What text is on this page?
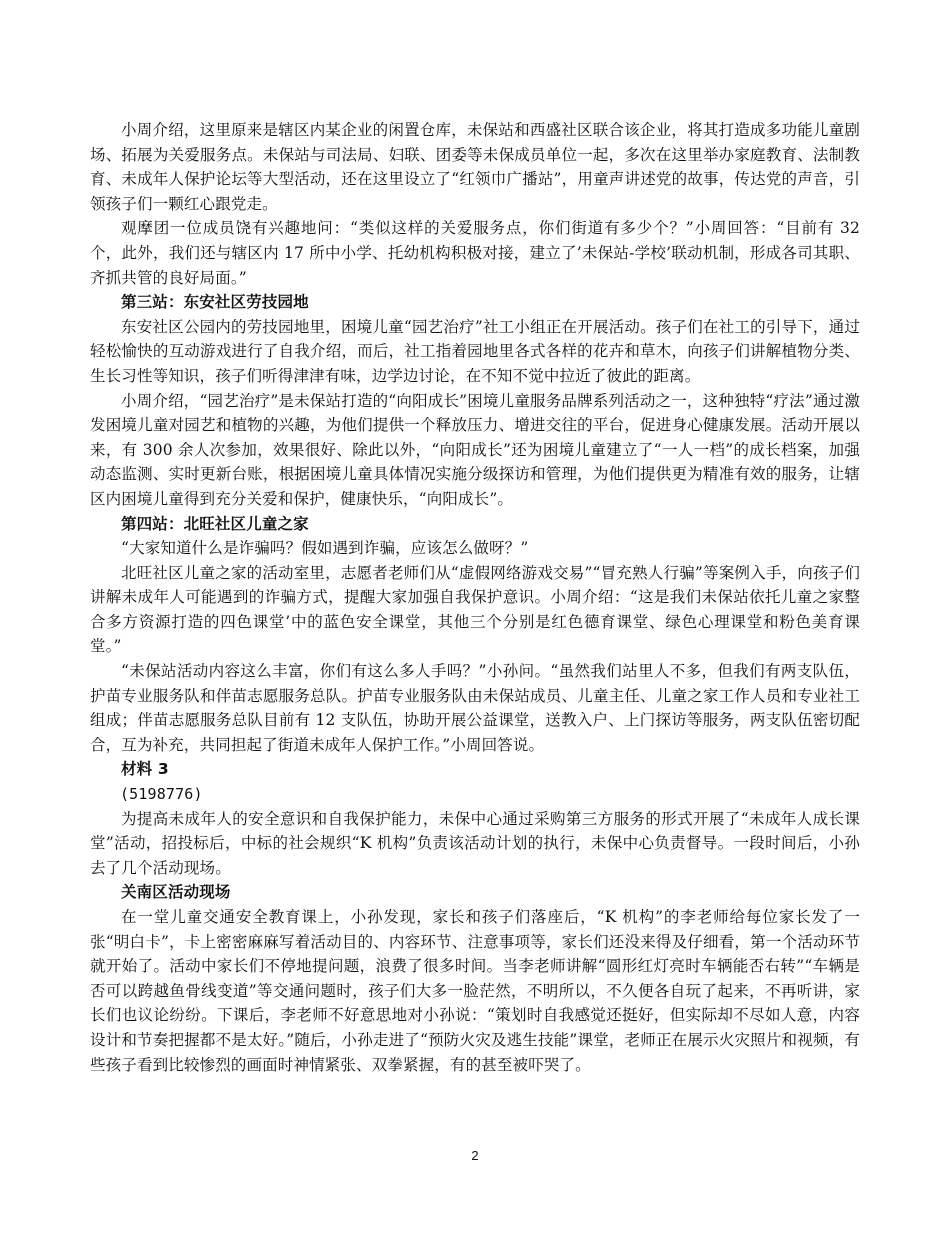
小周介绍，这里原来是辖区内某企业的闲置仓库，未保站和西盛社区联合该企业，将其打造成多功能儿童剧场、拓展为关爱服务点。未保站与司法局、妇联、团委等未保成员单位一起，多次在这里举办家庭教育、法制教育、未成年人保护论坛等大型活动，还在这里设立了“红领巾广播站”，用童声讲述党的故事，传达党的声音，引领孩子们一颗红心跟党走。

观摩团一位成员饶有兴趣地问：“类似这样的关爱服务点，你们街道有多少个？”小周回答：“目前有 32 个，此外，我们还与辖区内 17 所中小学、托幼机构积极对接，建立了’未保站-学校’联动机制，形成各司其职、齐抓共管的良好局面。”

第三站：东安社区劳技园地

东安社区公园内的劳技园地里，困境儿童“园艺治疗”社工小组正在开展活动。孩子们在社工的引导下，通过轻松愉快的互动游戏进行了自我介绍，而后，社工指着园地里各式各样的花卉和草木，向孩子们讲解植物分类、生长习性等知识，孩子们听得津津有味，边学边讨论，在不知不觉中拉近了彼此的距离。

小周介绍，“园艺治疗”是未保站打造的“向阳成长”困境儿童服务品牌系列活动之一，这种独特“疗法”通过激发困境儿童对园艺和植物的兴趣，为他们提供一个释放压力、增进交往的平台，促进身心健康发展。活动开展以来，有 300 余人次参加，效果很好、除此以外，“向阳成长”还为困境儿童建立了“一人一档”的成长档案，加强动态监测、实时更新台账，根据困境儿童具体情况实施分级探访和管理，为他们提供更为精准有效的服务，让辖区内困境儿童得到充分关爱和保护，健康快乐，“向阳成长”。

第四站：北旺社区儿童之家

“大家知道什么是诈骗吗？假如遇到诈骗，应该怎么做呀？”

北旺社区儿童之家的活动室里，志愿者老师们从“虚假网络游戏交易”“冒充熟人行骗”等案例入手，向孩子们讲解未成年人可能遇到的诈骗方式，提醒大家加强自我保护意识。小周介绍：“这是我们未保站依托儿童之家整合多方资源打造的四色课堂’中的蓝色安全课堂，其他三个分别是红色德育课堂、绿色心理课堂和粉色美育课堂。”

“未保站活动内容这么丰富，你们有这么多人手吗？”小孙问。“虽然我们站里人不多，但我们有两支队伍，护苗专业服务队和伴苗志愿服务总队。护苗专业服务队由未保站成员、儿童主任、儿童之家工作人员和专业社工组成；伴苗志愿服务总队目前有 12 支队伍，协助开展公益课堂，送教入户、上门探访等服务，两支队伍密切配合，互为补充，共同担起了街道未成年人保护工作。”小周回答说。

材料 3

(5198776)

为提高未成年人的安全意识和自我保护能力，未保中心通过采购第三方服务的形式开展了“未成年人成长课堂”活动，招投标后，中标的社会规织“K 机构”负责该活动计划的执行，未保中心负责督导。一段时间后，小孙去了几个活动现场。

关南区活动现场

在一堂儿童交通安全教育课上，小孙发现，家长和孩子们落座后，“K 机构”的李老师给每位家长发了一张“明白卡”，卡上密密麻麻写着活动目的、内容环节、注意事项等，家长们还没来得及仔细看，第一个活动环节就开始了。活动中家长们不停地提问题，浪费了很多时间。当李老师讲解“圆形红灯亮时车辆能否右转”“车辆是否可以跨越鱼骨线变道”等交通问题时，孩子们大多一脸茫然，不明所以，不久便各自玩了起来，不再听讲，家长们也议论纷纷。下课后，李老师不好意思地对小孙说：“策划时自我感觉还挺好，但实际却不尽如人意，内容设计和节奏把握都不是太好。”随后，小孙走进了“预防火灾及逃生技能”课堂，老师正在展示火灾照片和视频，有些孩子看到比较惨烈的画面时神情紧张、双拳紧握，有的甚至被吓哭了。

2
